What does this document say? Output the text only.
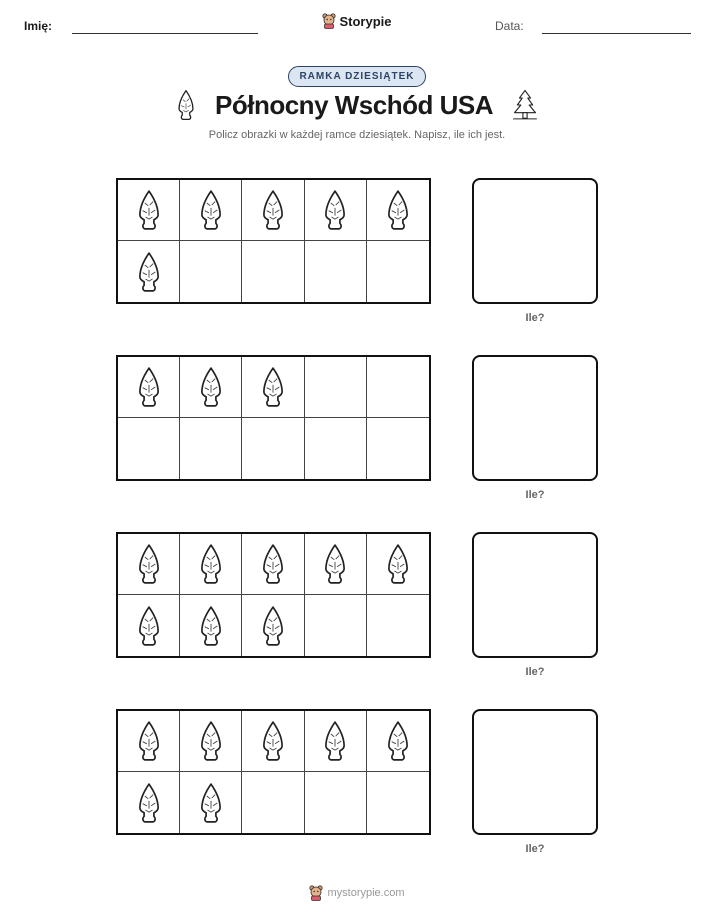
Imię:	Storypie	Data:
RAMKA DZIESIĄTEK
Północny Wschód USA
Policz obrazki w każdej ramce dziesiątek. Napisz, ile ich jest.
Ile?
Ile?
Ile?
Ile?
mystorypie.com
